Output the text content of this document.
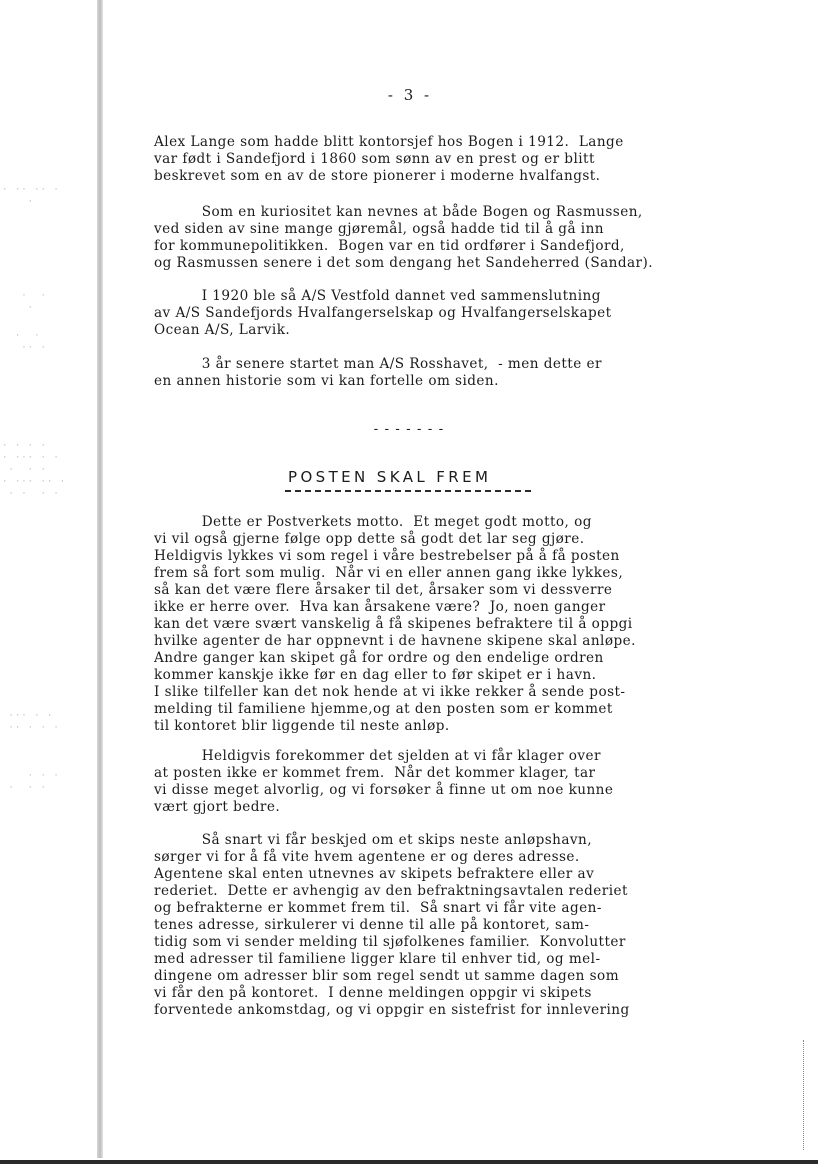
· ·· ·· ·
·
·  ·
·
·  ·
·· ·
· · · ·
· ··· · ·
·  · ·
· ··· ·· ·
· ·  · ·
··· · ·
·· · · ·
· · ·
·  · ·
- 3 -

Alex Lange som hadde blitt kontorsjef hos Bogen i 1912.  Lange
var født i Sandefjord i 1860 som sønn av en prest og er blitt
beskrevet som en av de store pionerer i moderne hvalfangst.

Som en kuriositet kan nevnes at både Bogen og Rasmussen,
ved siden av sine mange gjøremål, også hadde tid til å gå inn
for kommunepolitikken.  Bogen var en tid ordfører i Sandefjord,
og Rasmussen senere i det som dengang het Sandeherred (Sandar).

I 1920 ble så A/S Vestfold dannet ved sammenslutning
av A/S Sandefjords Hvalfangerselskap og Hvalfangerselskapet
Ocean A/S, Larvik.

3 år senere startet man A/S Rosshavet,  - men dette er
en annen historie som vi kan fortelle om siden.

-------
POSTEN SKAL FREM

Dette er Postverkets motto.  Et meget godt motto, og
vi vil også gjerne følge opp dette så godt det lar seg gjøre.
Heldigvis lykkes vi som regel i våre bestrebelser på å få posten
frem så fort som mulig.  Når vi en eller annen gang ikke lykkes,
så kan det være flere årsaker til det, årsaker som vi dessverre
ikke er herre over.  Hva kan årsakene være?  Jo, noen ganger
kan det være svært vanskelig å få skipenes befraktere til å oppgi
hvilke agenter de har oppnevnt i de havnene skipene skal anløpe.
Andre ganger kan skipet gå for ordre og den endelige ordren
kommer kanskje ikke før en dag eller to før skipet er i havn.
I slike tilfeller kan det nok hende at vi ikke rekker å sende post-
melding til familiene hjemme,og at den posten som er kommet
til kontoret blir liggende til neste anløp.

Heldigvis forekommer det sjelden at vi får klager over
at posten ikke er kommet frem.  Når det kommer klager, tar
vi disse meget alvorlig, og vi forsøker å finne ut om noe kunne
vært gjort bedre.

Så snart vi får beskjed om et skips neste anløpshavn,
sørger vi for å få vite hvem agentene er og deres adresse.
Agentene skal enten utnevnes av skipets befraktere eller av
rederiet.  Dette er avhengig av den befraktningsavtalen rederiet
og befrakterne er kommet frem til.  Så snart vi får vite agen-
tenes adresse, sirkulerer vi denne til alle på kontoret, sam-
tidig som vi sender melding til sjøfolkenes familier.  Konvolutter
med adresser til familiene ligger klare til enhver tid, og mel-
dingene om adresser blir som regel sendt ut samme dagen som
vi får den på kontoret.  I denne meldingen oppgir vi skipets
forventede ankomstdag, og vi oppgir en sistefrist for innlevering
